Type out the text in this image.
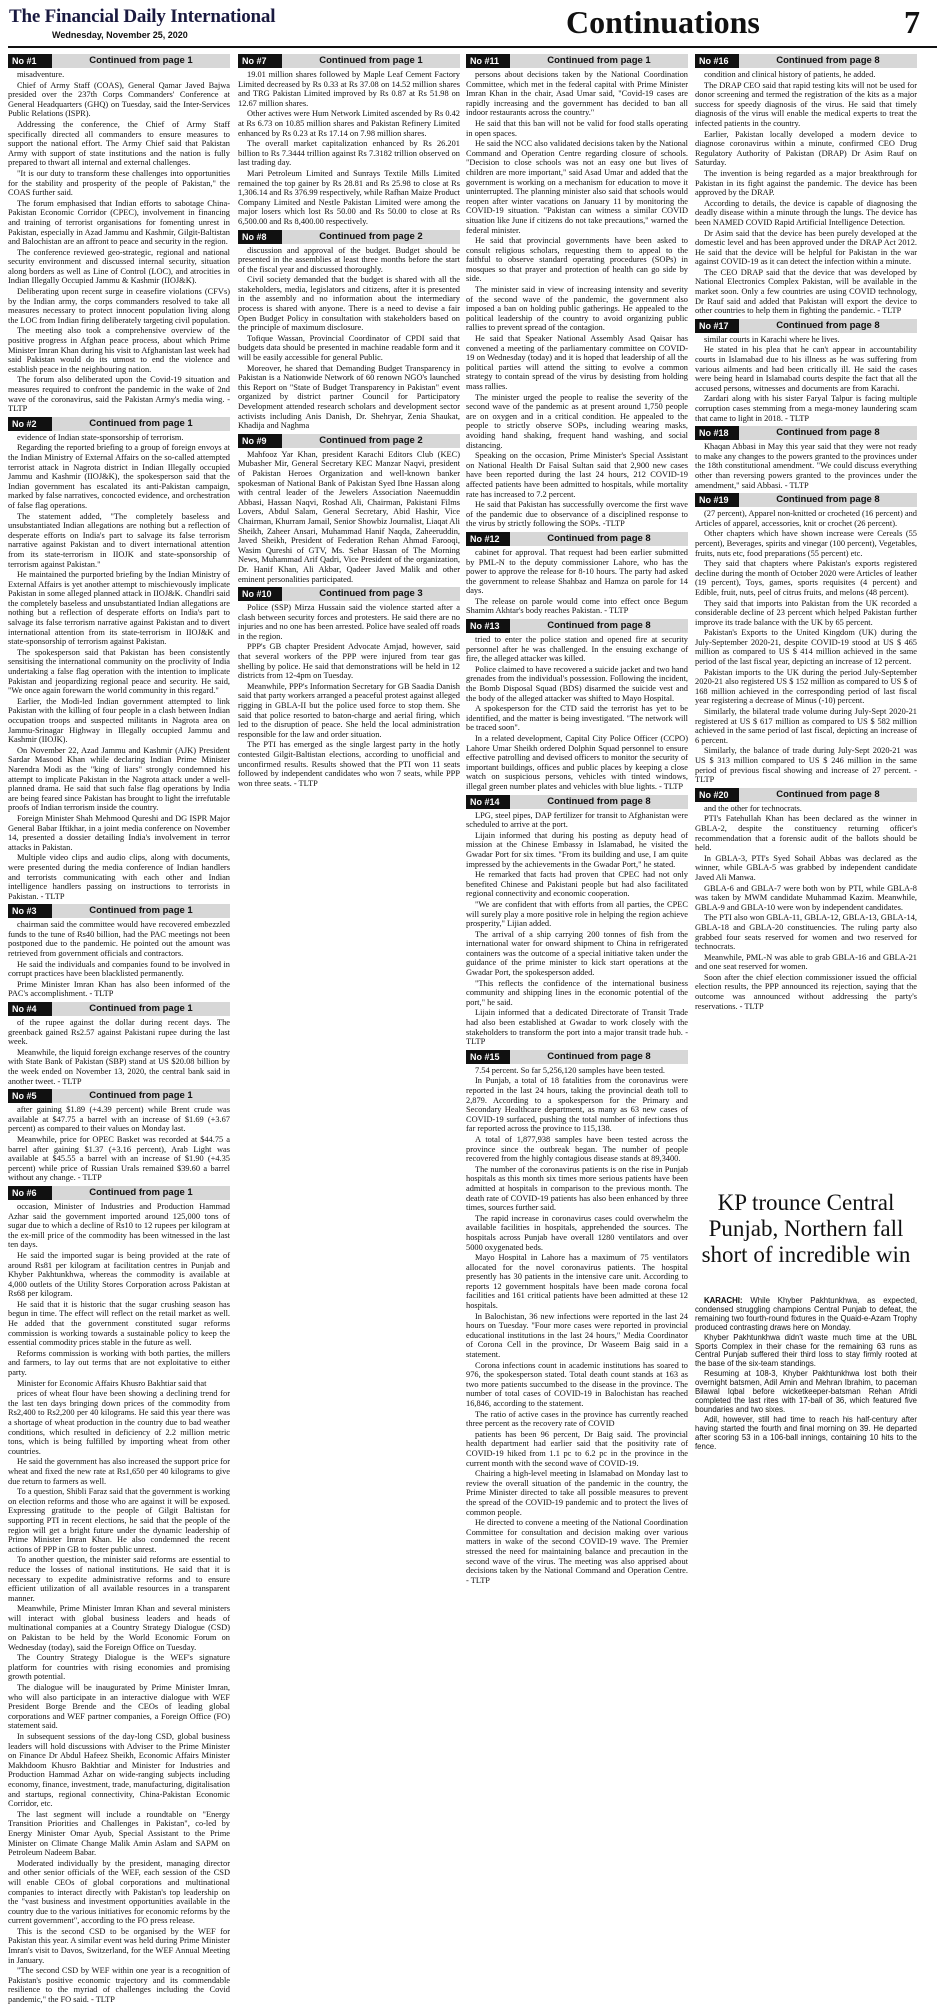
The Financial Daily International
Wednesday, November 25, 2020	Continuations	7
No #1	Continued from page 1

misadventure.

Chief of Army Staff (COAS), General Qamar Javed Bajwa presided over the 237th Corps Commanders' Conference at General Headquarters (GHQ) on Tuesday, said the Inter-Services Public Relations (ISPR).

Addressing the conference, the Chief of Army Staff specifically directed all commanders to ensure measures to support the national effort. The Army Chief said that Pakistan Army with support of state institutions and the nation is fully prepared to thwart all internal and external challenges.

"It is our duty to transform these challenges into opportunities for the stability and prosperity of the people of Pakistan," the COAS further said.

The forum emphasised that Indian efforts to sabotage China-Pakistan Economic Corridor (CPEC), involvement in financing and training of terrorist organisations for fomenting unrest in Pakistan, especially in Azad Jammu and Kashmir, Gilgit-Baltistan and Balochistan are an affront to peace and security in the region.

The conference reviewed geo-strategic, regional and national security environment and discussed internal security, situation along borders as well as Line of Control (LOC), and atrocities in Indian Illegally Occupied Jammu & Kashmir (IIOJ&K).

Deliberating upon recent surge in ceasefire violations (CFVs) by the Indian army, the corps commanders resolved to take all measures necessary to protect innocent population living along the LOC from Indian firing deliberately targeting civil population.

The meeting also took a comprehensive overview of the positive progress in Afghan peace process, about which Prime Minister Imran Khan during his visit to Afghanistan last week had said Pakistan would do its utmost to end the violence and establish peace in the neighbouring nation.

The forum also deliberated upon the Covid-19 situation and measures required to confront the pandemic in the wake of 2nd wave of the coronavirus, said the Pakistan Army's media wing. - TLTP

No #2	Continued from page 1

evidence of Indian state-sponsorship of terrorism.

Regarding the reported briefing to a group of foreign envoys at the Indian Ministry of External Affairs on the so-called attempted terrorist attack in Nagrota district in Indian Illegally occupied Jammu and Kashmir (IIOJ&K), the spokesperson said that the Indian government has escalated its anti-Pakistan campaign, marked by false narratives, concocted evidence, and orchestration of false flag operations.

The statement added, "The completely baseless and unsubstantiated Indian allegations are nothing but a reflection of desperate efforts on India's part to salvage its false terrorism narrative against Pakistan and to divert international attention from its state-terrorism in IIOJK and state-sponsorship of terrorism against Pakistan."

He maintained the purported briefing by the Indian Ministry of External Affairs is yet another attempt to mischievously implicate Pakistan in some alleged planned attack in IIOJ&K. Chandlri said the completely baseless and unsubstantiated Indian allegations are nothing but a reflection of desperate efforts on India's part to salvage its false terrorism narrative against Pakistan and to divert international attention from its state-terrorism in IIOJ&K and state-sponsorship of terrorism against Pakistan.

The spokesperson said that Pakistan has been consistently sensitising the international community on the proclivity of India undertaking a false flag operation with the intention to implicate Pakistan and jeopardizing regional peace and security. He said, "We once again forewarn the world community in this regard."

Earlier, the Modi-led Indian government attempted to link Pakistan with the killing of four people in a clash between Indian occupation troops and suspected militants in Nagrota area on Jammu-Srinagar Highway in Illegally occupied Jammu and Kashmir (IIOJK).

On November 22, Azad Jammu and Kashmir (AJK) President Sardar Masood Khan while declaring Indian Prime Minister Narendra Modi as the "king of liars" strongly condemned his attempt to implicate Pakistan in the Nagrota attack under a well-planned drama. He said that such false flag operations by India are being feared since Pakistan has brought to light the irrefutable proofs of Indian terrorism inside the country.

Foreign Minister Shah Mehmood Qureshi and DG ISPR Major General Babar Iftikhar, in a joint media conference on November 14, presented a dossier detailing India's involvement in terror attacks in Pakistan.

Multiple video clips and audio clips, along with documents, were presented during the media conference of Indian handlers and terrorists communicating with each other and Indian intelligence handlers passing on instructions to terrorists in Pakistan. - TLTP

No #3	Continued from page 1

chairman said the committee would have recovered embezzled funds to the tune of Rs40 billion, had the PAC meetings not been postponed due to the pandemic. He pointed out the amount was retrieved from government officials and contractors.

He said the individuals and companies found to be involved in corrupt practices have been blacklisted permanently.

Prime Minister Imran Khan has also been informed of the PAC's accomplishment. - TLTP

No #4	Continued from page 1

of the rupee against the dollar during recent days. The greenback gained Rs2.57 against Pakistani rupee during the last week.

Meanwhile, the liquid foreign exchange reserves of the country with State Bank of Pakistan (SBP) stand at US $20.08 billion by the week ended on November 13, 2020, the central bank said in another tweet. - TLTP

No #5	Continued from page 1

after gaining $1.89 (+4.39 percent) while Brent crude was available at $47.75 a barrel with an increase of $1.69 (+3.67 percent) as compared to their values on Monday last.

Meanwhile, price for OPEC Basket was recorded at $44.75 a barrel after gaining $1.37 (+3.16 percent), Arab Light was available at $45.55 a barrel with an increase of $1.90 (+4.35 percent) while price of Russian Urals remained $39.60 a barrel without any change. - TLTP

No #6	Continued from page 1

occasion, Minister of Industries and Production Hammad Azhar said the government imported around 125,000 tons of sugar due to which a decline of Rs10 to 12 rupees per kilogram at the ex-mill price of the commodity has been witnessed in the last ten days.

He said the imported sugar is being provided at the rate of around Rs81 per kilogram at facilitation centres in Punjab and Khyber Pakhtunkhwa, whereas the commodity is available at 4,000 outlets of the Utility Stores Corporation across Pakistan at Rs68 per kilogram.

He said that it is historic that the sugar crushing season has begun in time. The effect will reflect on the retail market as well. He added that the government constituted sugar reforms commission is working towards a sustainable policy to keep the essential commodity prices stable in the future as well.

Reforms commission is working with both parties, the millers and farmers, to lay out terms that are not exploitative to either party.

Minister for Economic Affairs Khusro Bakhtiar said that

prices of wheat flour have been showing a declining trend for the last ten days bringing down prices of the commodity from Rs2,400 to Rs2,200 per 40 kilograms. He said this year there was a shortage of wheat production in the country due to bad weather conditions, which resulted in deficiency of 2.2 million metric tons, which is being fulfilled by importing wheat from other countries.

He said the government has also increased the support price for wheat and fixed the new rate at Rs1,650 per 40 kilograms to give due return to farmers as well.

To a question, Shibli Faraz said that the government is working on election reforms and those who are against it will be exposed. Expressing gratitude to the people of Gilgit Baltistan for supporting PTI in recent elections, he said that the people of the region will get a bright future under the dynamic leadership of Prime Minister Imran Khan. He also condemned the recent actions of PPP in GB to foster public unrest.

To another question, the minister said reforms are essential to reduce the losses of national institutions. He said that it is necessary to expedite administrative reforms and to ensure efficient utilization of all available resources in a transparent manner.

Meanwhile, Prime Minister Imran Khan and several ministers will interact with global business leaders and heads of multinational companies at a Country Strategy Dialogue (CSD) on Pakistan to be held by the World Economic Forum on Wednesday (today), said the Foreign Office on Tuesday.

The Country Strategy Dialogue is the WEF's signature platform for countries with rising economies and promising growth potential.

The dialogue will be inaugurated by Prime Minister Imran, who will also participate in an interactive dialogue with WEF President Borge Brende and the CEOs of leading global corporations and WEF partner companies, a Foreign Office (FO) statement said.

In subsequent sessions of the day-long CSD, global business leaders will hold discussions with Adviser to the Prime Minister on Finance Dr Abdul Hafeez Sheikh, Economic Affairs Minister Makhdoom Khusro Bakhtiar and Minister for Industries and Production Hammad Azhar on wide-ranging subjects including economy, finance, investment, trade, manufacturing, digitalisation and startups, regional connectivity, China-Pakistan Economic Corridor, etc.

The last segment will include a roundtable on "Energy Transition Priorities and Challenges in Pakistan", co-led by Energy Minister Omar Ayub, Special Assistant to the Prime Minister on Climate Change Malik Amin Aslam and SAPM on Petroleum Nadeem Babar.

Moderated individually by the president, managing director and other senior officials of the WEF, each session of the CSD will enable CEOs of global corporations and multinational companies to interact directly with Pakistan's top leadership on the "vast business and investment opportunities available in the country due to the various initiatives for economic reforms by the current government", according to the FO press release.

This is the second CSD to be organised by the WEF for Pakistan this year. A similar event was held during Prime Minister Imran's visit to Davos, Switzerland, for the WEF Annual Meeting in January.

"The second CSD by WEF within one year is a recognition of Pakistan's positive economic trajectory and its commendable resilience to the myriad of challenges including the Covid pandemic," the FO said. - TLTP

No #7	Continued from page 1

19.01 million shares followed by Maple Leaf Cement Factory Limited decreased by Rs 0.33 at Rs 37.08 on 14.52 million shares and TRG Pakistan Limited improved by Rs 0.87 at Rs 51.98 on 12.67 million shares.

Other actives were Hum Network Limited ascended by Rs 0.42 at Rs 6.73 on 10.85 million shares and Pakistan Refinery Limited enhanced by Rs 0.23 at Rs 17.14 on 7.98 million shares.

The overall market capitalization enhanced by Rs 26.201 billion to Rs 7.3444 trillion against Rs 7.3182 trillion observed on last trading day.

Mari Petroleum Limited and Sunrays Textile Mills Limited remained the top gainer by Rs 28.81 and Rs 25.98 to close at Rs 1,306.14 and Rs 376.99 respectively, while Rafhan Maize Product Company Limited and Nestle Pakistan Limited were among the major losers which lost Rs 50.00 and Rs 50.00 to close at Rs 6,500.00 and Rs 8,400.00 respectively.

No #8	Continued from page 2

discussion and approval of the budget. Budget should be presented in the assemblies at least three months before the start of the fiscal year and discussed thoroughly.

Civil society demanded that the budget is shared with all the stakeholders, media, legislators and citizens, after it is presented in the assembly and no information about the intermediary process is shared with anyone. There is a need to devise a fair Open Budget Policy in consultation with stakeholders based on the principle of maximum disclosure.

Tofique Wassan, Provincial Coordinator of CPDI said that budgets data should be presented in machine readable form and it will be easily accessible for general Public.

Moreover, he shared that Demanding Budget Transparency in Pakistan is a Nationwide Network of 60 renown NGO's launched this Report on "State of Budget Transparency in Pakistan" event organized by district partner Council for Participatory Development attended research scholars and development sector activists including Anis Danish, Dr. Shehryar, Zenia Shaukat, Khadija and Naghma

No #9	Continued from page 2

Mahfooz Yar Khan, president Karachi Editors Club (KEC) Mubasher Mir, General Secretary KEC Manzar Naqvi, president of Pakistan Heroes Organization and well-known banker spokesman of National Bank of Pakistan Syed Ibne Hassan along with central leader of the Jewelers Association Naeemuddin Abbasi, Hassan Naqvi, Roshad Ali, Chairman, Pakistani Films Lovers, Abdul Salam, General Secretary, Abid Hashir, Vice Chairman, Khurram Jamail, Senior Showbiz Journalist, Liaqat Ali Sheikh, Zaheer Ansari, Muhammad Hanif Naqda, Zaheeruddin, Javed Sheikh, President of Federation Rehan Ahmad Farooqi, Wasim Qureshi of GTV, Ms. Sehar Hassan of The Morning News, Muhammad Arif Qadri, Vice President of the organization, Dr. Hanif Khan, Ali Akbar, Qadeer Javed Malik and other eminent personalities participated.

No #10	Continued from page 3

Police (SSP) Mirza Hussain said the violence started after a clash between security forces and protesters. He said there are no injuries and no one has been arrested. Police have sealed off roads in the region.

PPP's GB chapter President Advocate Amjad, however, said that several workers of the PPP were injured from tear gas shelling by police. He said that demonstrations will be held in 12 districts from 12-4pm on Tuesday.

Meanwhile, PPP's Information Secretary for GB Saadia Danish said that party workers arranged a peaceful protest against alleged rigging in GBLA-II but the police used force to stop them. She said that police resorted to baton-charge and aerial firing, which led to the disruption of peace. She held the local administration responsible for the law and order situation.

The PTI has emerged as the single largest party in the hotly contested Gilgit-Baltistan elections, according to unofficial and unconfirmed results. Results showed that the PTI won 11 seats followed by independent candidates who won 7 seats, while PPP won three seats. - TLTP

No #11	Continued from page 1

persons about decisions taken by the National Coordination Committee, which met in the federal capital with Prime Minister Imran Khan in the chair, Asad Umar said, "Covid-19 cases are rapidly increasing and the government has decided to ban all indoor restaurants across the country."

He said that this ban will not be valid for food stalls operating in open spaces.

He said the NCC also validated decisions taken by the National Command and Operation Centre regarding closure of schools. "Decision to close schools was not an easy one but lives of children are more important," said Asad Umar and added that the government is working on a mechanism for education to move it uninterrupted. The planning minister also said that schools would reopen after winter vacations on January 11 by monitoring the COVID-19 situation. "Pakistan can witness a similar COVID situation like June if citizens do not take precautions," warned the federal minister.

He said that provincial governments have been asked to consult religious scholars, requesting them to appeal to the faithful to observe standard operating procedures (SOPs) in mosques so that prayer and protection of health can go side by side.

The minister said in view of increasing intensity and severity of the second wave of the pandemic, the government also imposed a ban on holding public gatherings. He appealed to the political leadership of the country to avoid organizing public rallies to prevent spread of the contagion.

He said that Speaker National Assembly Asad Qaisar has convened a meeting of the parliamentary committee on COVID-19 on Wednesday (today) and it is hoped that leadership of all the political parties will attend the sitting to evolve a common strategy to contain spread of the virus by desisting from holding mass rallies.

The minister urged the people to realise the severity of the second wave of the pandemic as at present around 1,750 people are on oxygen and in a critical condition. He appealed to the people to strictly observe SOPs, including wearing masks, avoiding hand shaking, frequent hand washing, and social distancing.

Speaking on the occasion, Prime Minister's Special Assistant on National Health Dr Faisal Sultan said that 2,900 new cases have been reported during the last 24 hours, 212 COVID-19 affected patients have been admitted to hospitals, while mortality rate has increased to 7.2 percent.

He said that Pakistan has successfully overcome the first wave of the pandemic due to observance of a disciplined response to the virus by strictly following the SOPs. -TLTP

No #12	Continued from page 8

cabinet for approval. That request had been earlier submitted by PML-N to the deputy commissioner Lahore, who has the power to approve the release for 8-10 hours. The party had asked the government to release Shahbaz and Hamza on parole for 14 days.

The release on parole would come into effect once Begum Shamim Akhtar's body reaches Pakistan. - TLTP

No #13	Continued from page 8

tried to enter the police station and opened fire at security personnel after he was challenged. In the ensuing exchange of fire, the alleged attacker was killed.

Police claimed to have recovered a suicide jacket and two hand grenades from the individual's possession. Following the incident, the Bomb Disposal Squad (BDS) disarmed the suicide vest and the body of the alleged attacker was shifted to Mayo Hospital.

A spokesperson for the CTD said the terrorist has yet to be identified, and the matter is being investigated. "The network will be traced soon".

In a related development, Capital City Police Officer (CCPO) Lahore Umar Sheikh ordered Dolphin Squad personnel to ensure effective patrolling and devised officers to monitor the security of important buildings, offices and public places by keeping a close watch on suspicious persons, vehicles with tinted windows, illegal green number plates and vehicles with blue lights. - TLTP

No #14	Continued from page 8

LPG, steel pipes, DAP fertilizer for transit to Afghanistan were scheduled to arrive at the port.

Lijain informed that during his posting as deputy head of mission at the Chinese Embassy in Islamabad, he visited the Gwadar Port for six times. "From its building and use, I am quite impressed by the achievements in the Gwadar Port," he stated.

He remarked that facts had proven that CPEC had not only benefited Chinese and Pakistani people but had also facilitated regional connectivity and economic cooperation.

"We are confident that with efforts from all parties, the CPEC will surely play a more positive role in helping the region achieve prosperity," Lijian added.

The arrival of a ship carrying 200 tonnes of fish from the international water for onward shipment to China in refrigerated containers was the outcome of a special initiative taken under the guidance of the prime minister to kick start operations at the Gwadar Port, the spokesperson added.

"This reflects the confidence of the international business community and shipping lines in the economic potential of the port," he said.

Lijain informed that a dedicated Directorate of Transit Trade had also been established at Gwadar to work closely with the stakeholders to transform the port into a major transit trade hub. - TLTP

No #15	Continued from page 8

7.54 percent. So far 5,256,120 samples have been tested.

In Punjab, a total of 18 fatalities from the coronavirus were reported in the last 24 hours, taking the provincial death toll to 2,879. According to a spokesperson for the Primary and Secondary Healthcare department, as many as 63 new cases of COVID-19 surfaced, pushing the total number of infections thus far reported across the province to 115,138.

A total of 1,877,938 samples have been tested across the province since the outbreak began. The number of people recovered from the highly contagious disease stands at 89,3400.

The number of the coronavirus patients is on the rise in Punjab hospitals as this month six times more serious patients have been admitted at hospitals in comparison to the previous month. The death rate of COVID-19 patients has also been enhanced by three times, sources further said.

The rapid increase in coronavirus cases could overwhelm the available facilities in hospitals, apprehended the sources. The hospitals across Punjab have overall 1280 ventilators and over 5000 oxygenated beds.

Mayo Hospital in Lahore has a maximum of 75 ventilators allocated for the novel coronavirus patients. The hospital presently has 30 patients in the intensive care unit. According to reports 12 government hospitals have been made corona focal facilities and 161 critical patients have been admitted at these 12 hospitals.

In Balochistan, 36 new infections were reported in the last 24 hours on Tuesday. "Four more cases were reported in provincial educational institutions in the last 24 hours," Media Coordinator of Corona Cell in the province, Dr Waseem Baig said in a statement.

Corona infections count in academic institutions has soared to 976, the spokesperson stated. Total death count stands at 163 as two more patients succumbed to the disease in the province. The number of total cases of COVID-19 in Balochistan has reached 16,846, according to the statement.

The ratio of active cases in the province has currently reached three percent as the recovery rate of COVID

patients has been 96 percent, Dr Baig said. The provincial health department had earlier said that the positivity rate of COVID-19 hiked from 1.1 pc to 6.2 pc in the province in the current month with the second wave of COVID-19.

Chairing a high-level meeting in Islamabad on Monday last to review the overall situation of the pandemic in the country, the Prime Minister directed to take all possible measures to prevent the spread of the COVID-19 pandemic and to protect the lives of common people.

He directed to convene a meeting of the National Coordination Committee for consultation and decision making over various matters in wake of the second COVID-19 wave. The Premier stressed the need for maintaining balance and precaution in the second wave of the virus. The meeting was also apprised about decisions taken by the National Command and Operation Centre. - TLTP

No #16	Continued from page 8

condition and clinical history of patients, he added.

The DRAP CEO said that rapid testing kits will not be used for donor screening and termed the registration of the kits as a major success for speedy diagnosis of the virus. He said that timely diagnosis of the virus will enable the medical experts to treat the infected patients in the country.

Earlier, Pakistan locally developed a modern device to diagnose coronavirus within a minute, confirmed CEO Drug Regulatory Authority of Pakistan (DRAP) Dr Asim Rauf on Saturday.

The invention is being regarded as a major breakthrough for Pakistan in its fight against the pandemic. The device has been approved by the DRAP.

According to details, the device is capable of diagnosing the deadly disease within a minute through the lungs. The device has been NAMED COVID Rapid Artificial Intelligence Detection.

Dr Asim said that the device has been purely developed at the domestic level and has been approved under the DRAP Act 2012. He said that the device will be helpful for Pakistan in the war against COVID-19 as it can detect the infection within a minute.

The CEO DRAP said that the device that was developed by National Electronics Complex Pakistan, will be available in the market soon. Only a few countries are using COVID technology, Dr Rauf said and added that Pakistan will export the device to other countries to help them in fighting the pandemic. - TLTP

No #17	Continued from page 8

similar courts in Karachi where he lives.

He stated in his plea that he can't appear in accountability courts in Islamabad due to his illness as he was suffering from various ailments and had been critically ill. He said the cases were being heard in Islamabad courts despite the fact that all the accused persons, witnesses and documents are from Karachi.

Zardari along with his sister Faryal Talpur is facing multiple corruption cases stemming from a mega-money laundering scam that came to light in 2018. - TLTP

No #18	Continued from page 8

Khaqan Abbasi in May this year said that they were not ready to make any changes to the powers granted to the provinces under the 18th constitutional amendment. "We could discuss everything other than reversing powers granted to the provinces under the amendment," said Abbasi. - TLTP

No #19	Continued from page 8

(27 percent), Apparel non-knitted or crocheted (16 percent) and Articles of apparel, accessories, knit or crochet (26 percent).

Other chapters which have shown increase were Cereals (55 percent), Beverages, spirits and vinegar (100 percent), Vegetables, fruits, nuts etc, food preparations (55 percent) etc.

They said that chapters where Pakistan's exports registered decline during the month of October 2020 were Articles of leather (19 percent), Toys, games, sports requisites (4 percent) and Edible, fruit, nuts, peel of citrus fruits, and melons (48 percent).

They said that imports into Pakistan from the UK recorded a considerable decline of 23 percent which helped Pakistan further improve its trade balance with the UK by 65 percent.

Pakistan's Exports to the United Kingdom (UK) during the July-September 2020-21, despite COVID-19 stood at US $ 465 million as compared to US $ 414 million achieved in the same period of the last fiscal year, depicting an increase of 12 percent.

Pakistan imports to the UK during the period July-September 2020-21 also registered US $ 152 million as compared to US $ of 168 million achieved in the corresponding period of last fiscal year registering a decrease of Minus (-10) percent.

Similarly, the bilateral trade volume during July-Sept 2020-21 registered at US $ 617 million as compared to US $ 582 million achieved in the same period of last fiscal, depicting an increase of 6 percent.

Similarly, the balance of trade during July-Sept 2020-21 was US $ 313 million compared to US $ 246 million in the same period of previous fiscal showing and increase of 27 percent. - TLTP

No #20	Continued from page 8

and the other for technocrats.

PTI's Fatehullah Khan has been declared as the winner in GBLA-2, despite the constituency returning officer's recommendation that a forensic audit of the ballots should be held.

In GBLA-3, PTI's Syed Sohail Abbas was declared as the winner, while GBLA-5 was grabbed by independent candidate Javed Ali Manwa.

GBLA-6 and GBLA-7 were both won by PTI, while GBLA-8 was taken by MWM candidate Muhammad Kazim. Meanwhile, GBLA-9 and GBLA-10 were won by independent candidates.

The PTI also won GBLA-11, GBLA-12, GBLA-13, GBLA-14, GBLA-18 and GBLA-20 constituencies. The ruling party also grabbed four seats reserved for women and two reserved for technocrats.

Meanwhile, PML-N was able to grab GBLA-16 and GBLA-21 and one seat reserved for women.

Soon after the chief election commissioner issued the official election results, the PPP announced its rejection, saying that the outcome was announced without addressing the party's reservations. - TLTP

KP trounce Central Punjab, Northern fall short of incredible win

KARACHI: While Khyber Pakhtunkhwa, as expected, condensed struggling champions Central Punjab to defeat, the remaining two fourth-round fixtures in the Quaid-e-Azam Trophy produced contrasting draws here on Monday.

Khyber Pakhtunkhwa didn't waste much time at the UBL Sports Complex in their chase for the remaining 63 runs as Central Punjab suffered their third loss to stay firmly rooted at the base of the six-team standings.

Resuming at 108-3, Khyber Pakhtunkhwa lost both their overnight batsmen, Adil Amin and Mehran Ibrahim, to paceman Bilawal Iqbal before wicketkeeper-batsman Rehan Afridi completed the last rites with 17-ball of 36, which featured five boundaries and two sixes.

Adil, however, still had time to reach his half-century after having started the fourth and final morning on 39. He departed after scoring 53 in a 106-ball innings, containing 10 hits to the fence.
